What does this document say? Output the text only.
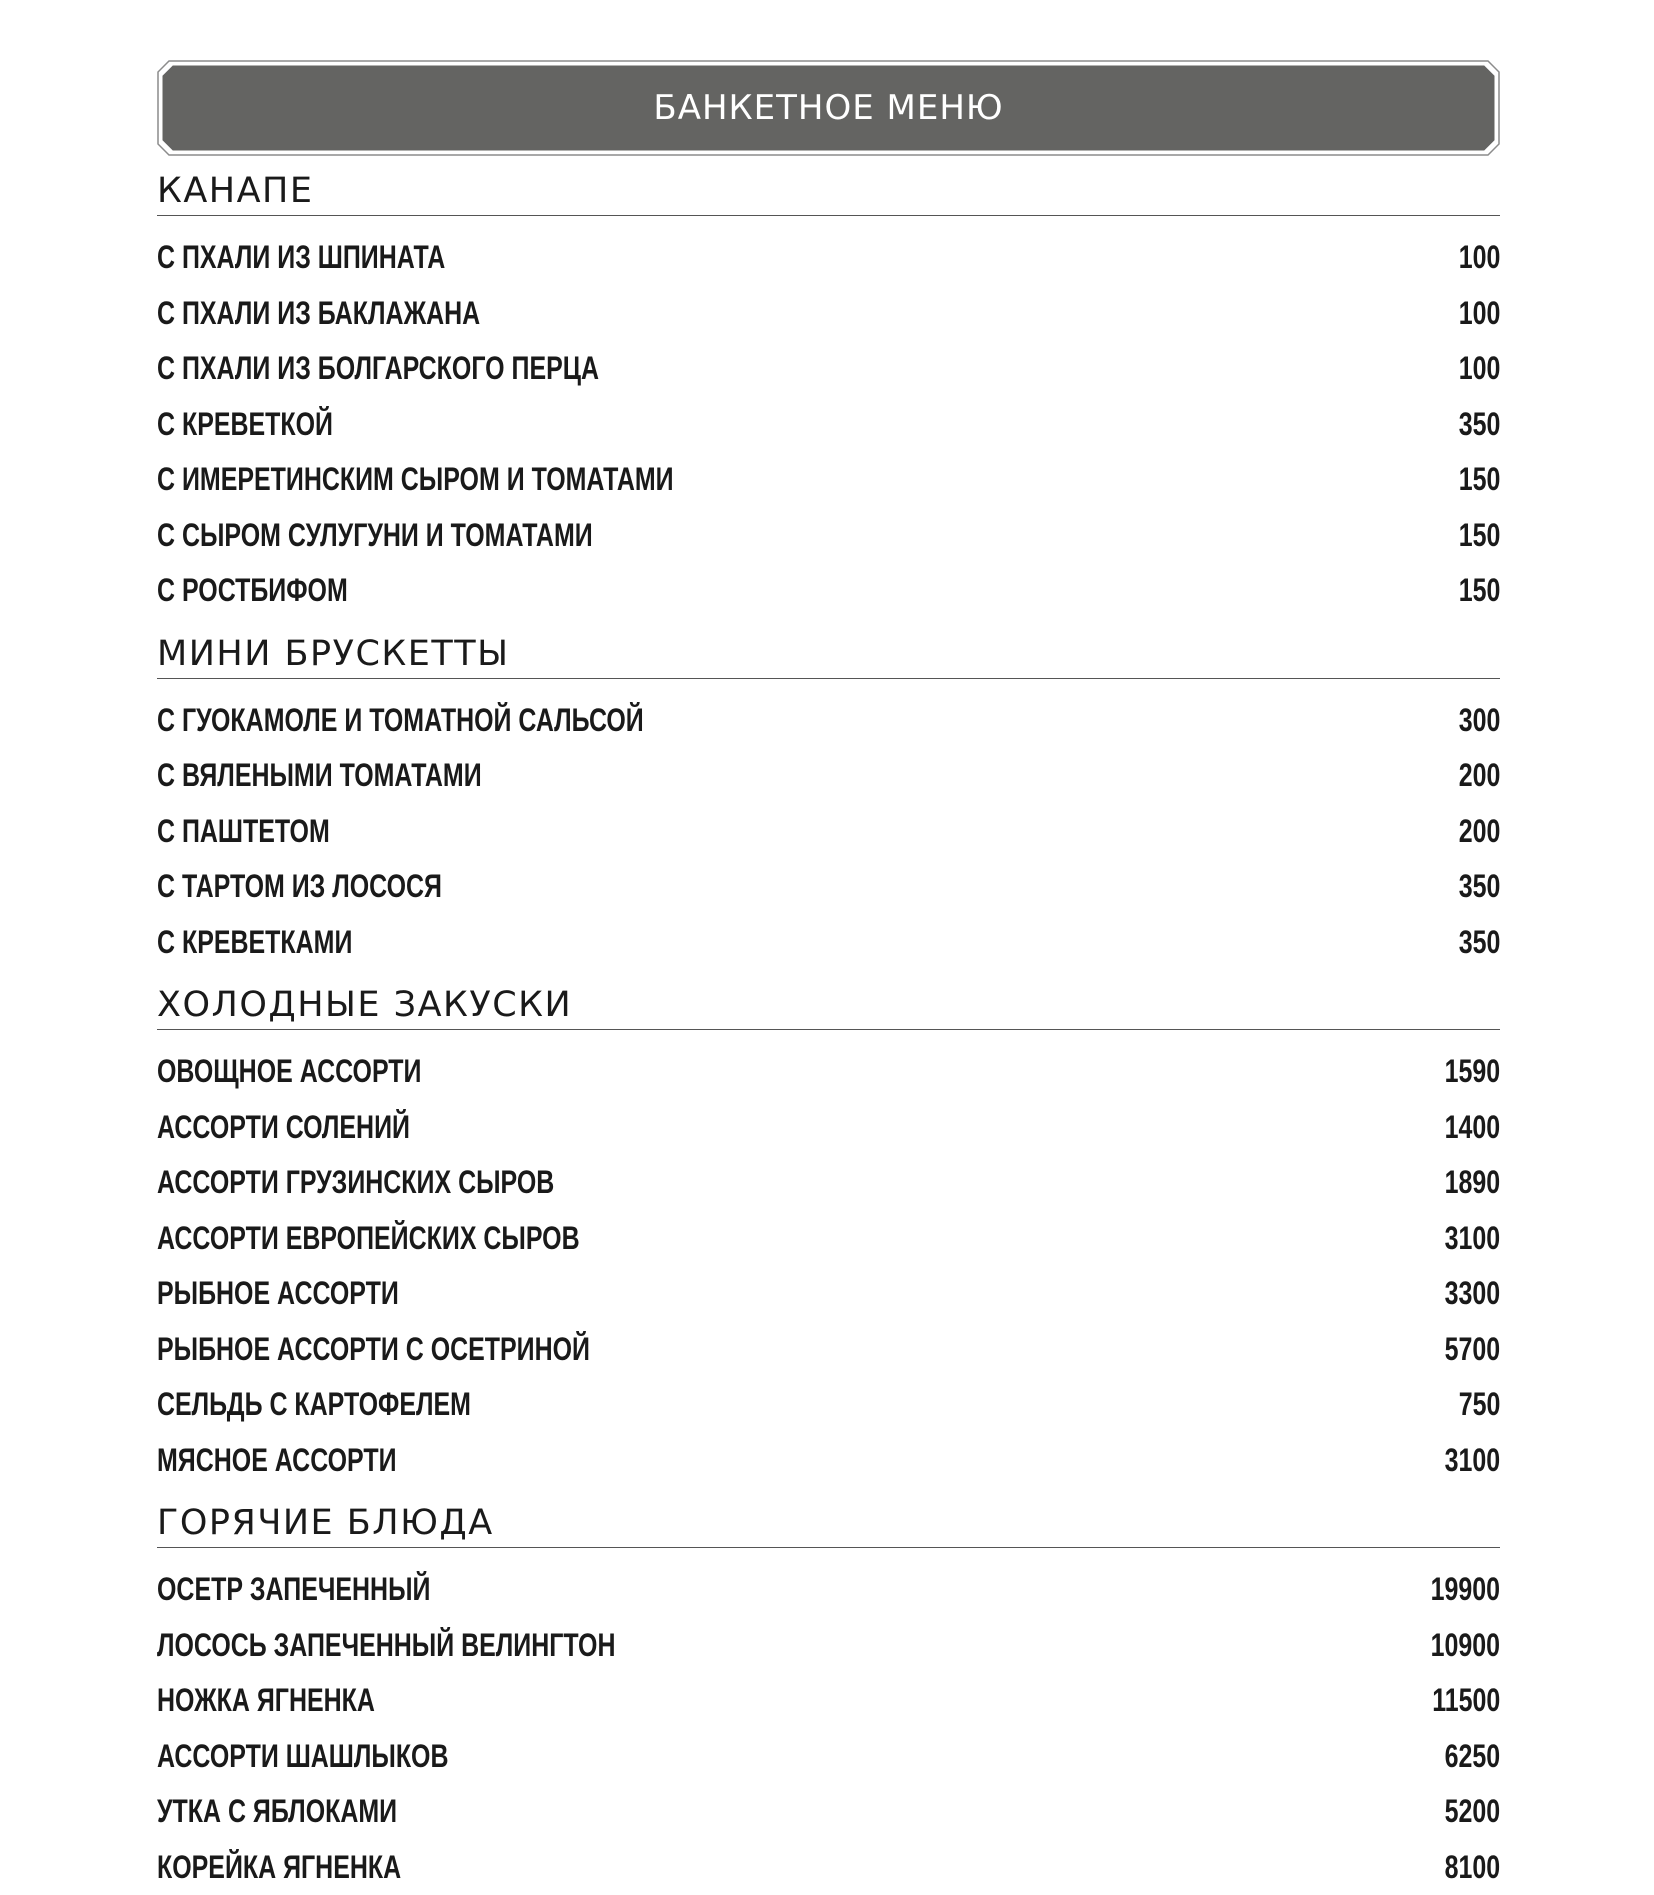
БАНКЕТНОЕ МЕНЮ
КАНАПЕ
С ПХАЛИ ИЗ ШПИНАТА	100
С ПХАЛИ ИЗ БАКЛАЖАНА	100
С ПХАЛИ ИЗ БОЛГАРСКОГО ПЕРЦА	100
С КРЕВЕТКОЙ	350
С ИМЕРЕТИНСКИМ СЫРОМ И ТОМАТАМИ	150
С СЫРОМ СУЛУГУНИ И ТОМАТАМИ	150
С РОСТБИФОМ	150
МИНИ БРУСКЕТТЫ
С ГУОКАМОЛЕ И ТОМАТНОЙ САЛЬСОЙ	300
С ВЯЛЕНЫМИ ТОМАТАМИ	200
С ПАШТЕТОМ	200
С ТАРТОМ ИЗ ЛОСОСЯ	350
С КРЕВЕТКАМИ	350
ХОЛОДНЫЕ ЗАКУСКИ
ОВОЩНОЕ АССОРТИ	1590
АССОРТИ СОЛЕНИЙ	1400
АССОРТИ ГРУЗИНСКИХ СЫРОВ	1890
АССОРТИ ЕВРОПЕЙСКИХ СЫРОВ	3100
РЫБНОЕ АССОРТИ	3300
РЫБНОЕ АССОРТИ С ОСЕТРИНОЙ	5700
СЕЛЬДЬ С КАРТОФЕЛЕМ	750
МЯСНОЕ АССОРТИ	3100
ГОРЯЧИЕ БЛЮДА
ОСЕТР ЗАПЕЧЕННЫЙ	19900
ЛОСОСЬ ЗАПЕЧЕННЫЙ ВЕЛИНГТОН	10900
НОЖКА ЯГНЕНКА	11500
АССОРТИ ШАШЛЫКОВ	6250
УТКА С ЯБЛОКАМИ	5200
КОРЕЙКА ЯГНЕНКА	8100
